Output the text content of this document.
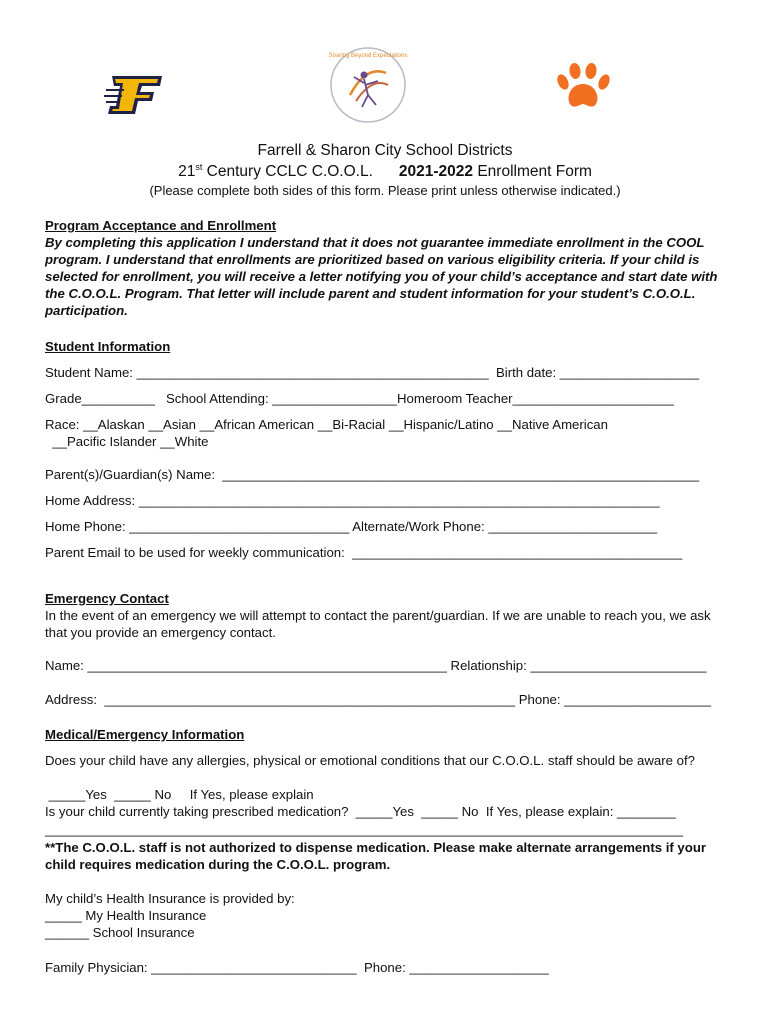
Soaring Beyond Expectations
Farrell & Sharon City School Districts
21st Century CCLC C.O.O.L. 2021-2022 Enrollment Form
(Please complete both sides of this form. Please print unless otherwise indicated.)
Program Acceptance and Enrollment
By completing this application I understand that it does not guarantee immediate enrollment in the COOL program. I understand that enrollments are prioritized based on various eligibility criteria. If your child is selected for enrollment, you will receive a letter notifying you of your child’s acceptance and start date with the C.O.O.L. Program. That letter will include parent and student information for your student’s C.O.O.L. participation.
Student Information
Student Name: ________________________________________________  Birth date: ___________________
Grade__________   School Attending: _________________Homeroom Teacher______________________
Race: __Alaskan __Asian __African American __Bi-Racial __Hispanic/Latino __Native American
__Pacific Islander __White
Parent(s)/Guardian(s) Name:  _________________________________________________________________
Home Address: _______________________________________________________________________
Home Phone: ______________________________ Alternate/Work Phone: _______________________
Parent Email to be used for weekly communication:  _____________________________________________
Emergency Contact
In the event of an emergency we will attempt to contact the parent/guardian. If we are unable to reach you, we ask that you provide an emergency contact.
Name: _________________________________________________ Relationship: ________________________
Address:  ________________________________________________________ Phone: ____________________
Medical/Emergency Information
Does your child have any allergies, physical or emotional conditions that our C.O.O.L. staff should be aware of?
_____Yes  _____ No     If Yes, please explain
Is your child currently taking prescribed medication?  _____Yes  _____ No  If Yes, please explain: ________
_______________________________________________________________________________________
**The C.O.O.L. staff is not authorized to dispense medication. Please make alternate arrangements if your child requires medication during the C.O.O.L. program.
My child’s Health Insurance is provided by:
_____ My Health Insurance
______ School Insurance
Family Physician: ____________________________  Phone: ___________________
